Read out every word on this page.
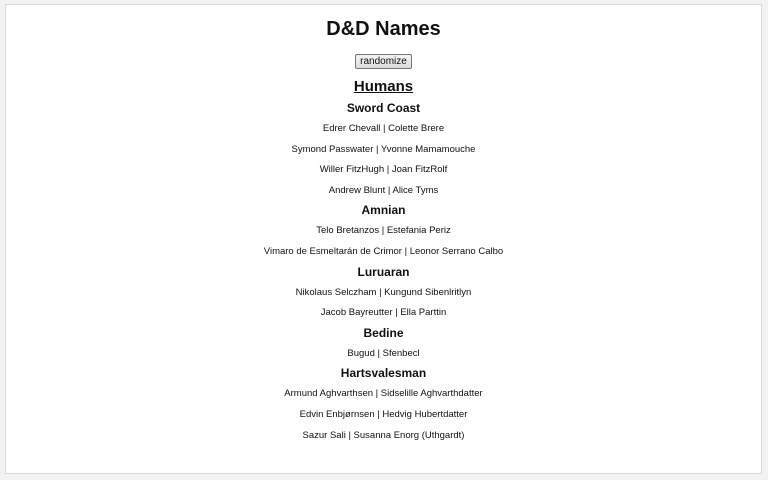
D&D Names
randomize
Humans
Sword Coast

Edrer Chevall | Colette Brere

Symond Passwater | Yvonne Mamamouche

Willer FitzHugh | Joan FitzRolf

Andrew Blunt | Alice Tyms

Amnian

Telo Bretanzos | Estefania Periz

Vimaro de Esmeltarán de Crimor | Leonor Serrano Calbo

Luruaran

Nikolaus Selczham | Kungund Sibenlritlyn

Jacob Bayreutter | Ella Parttin

Bedine

Bugud | Sfenbecl

Hartsvalesman

Armund Aghvarthsen | Sidselille Aghvarthdatter

Edvin Enbjørnsen | Hedvig Hubertdatter

Sazur Sali | Susanna Enorg (Uthgardt)
